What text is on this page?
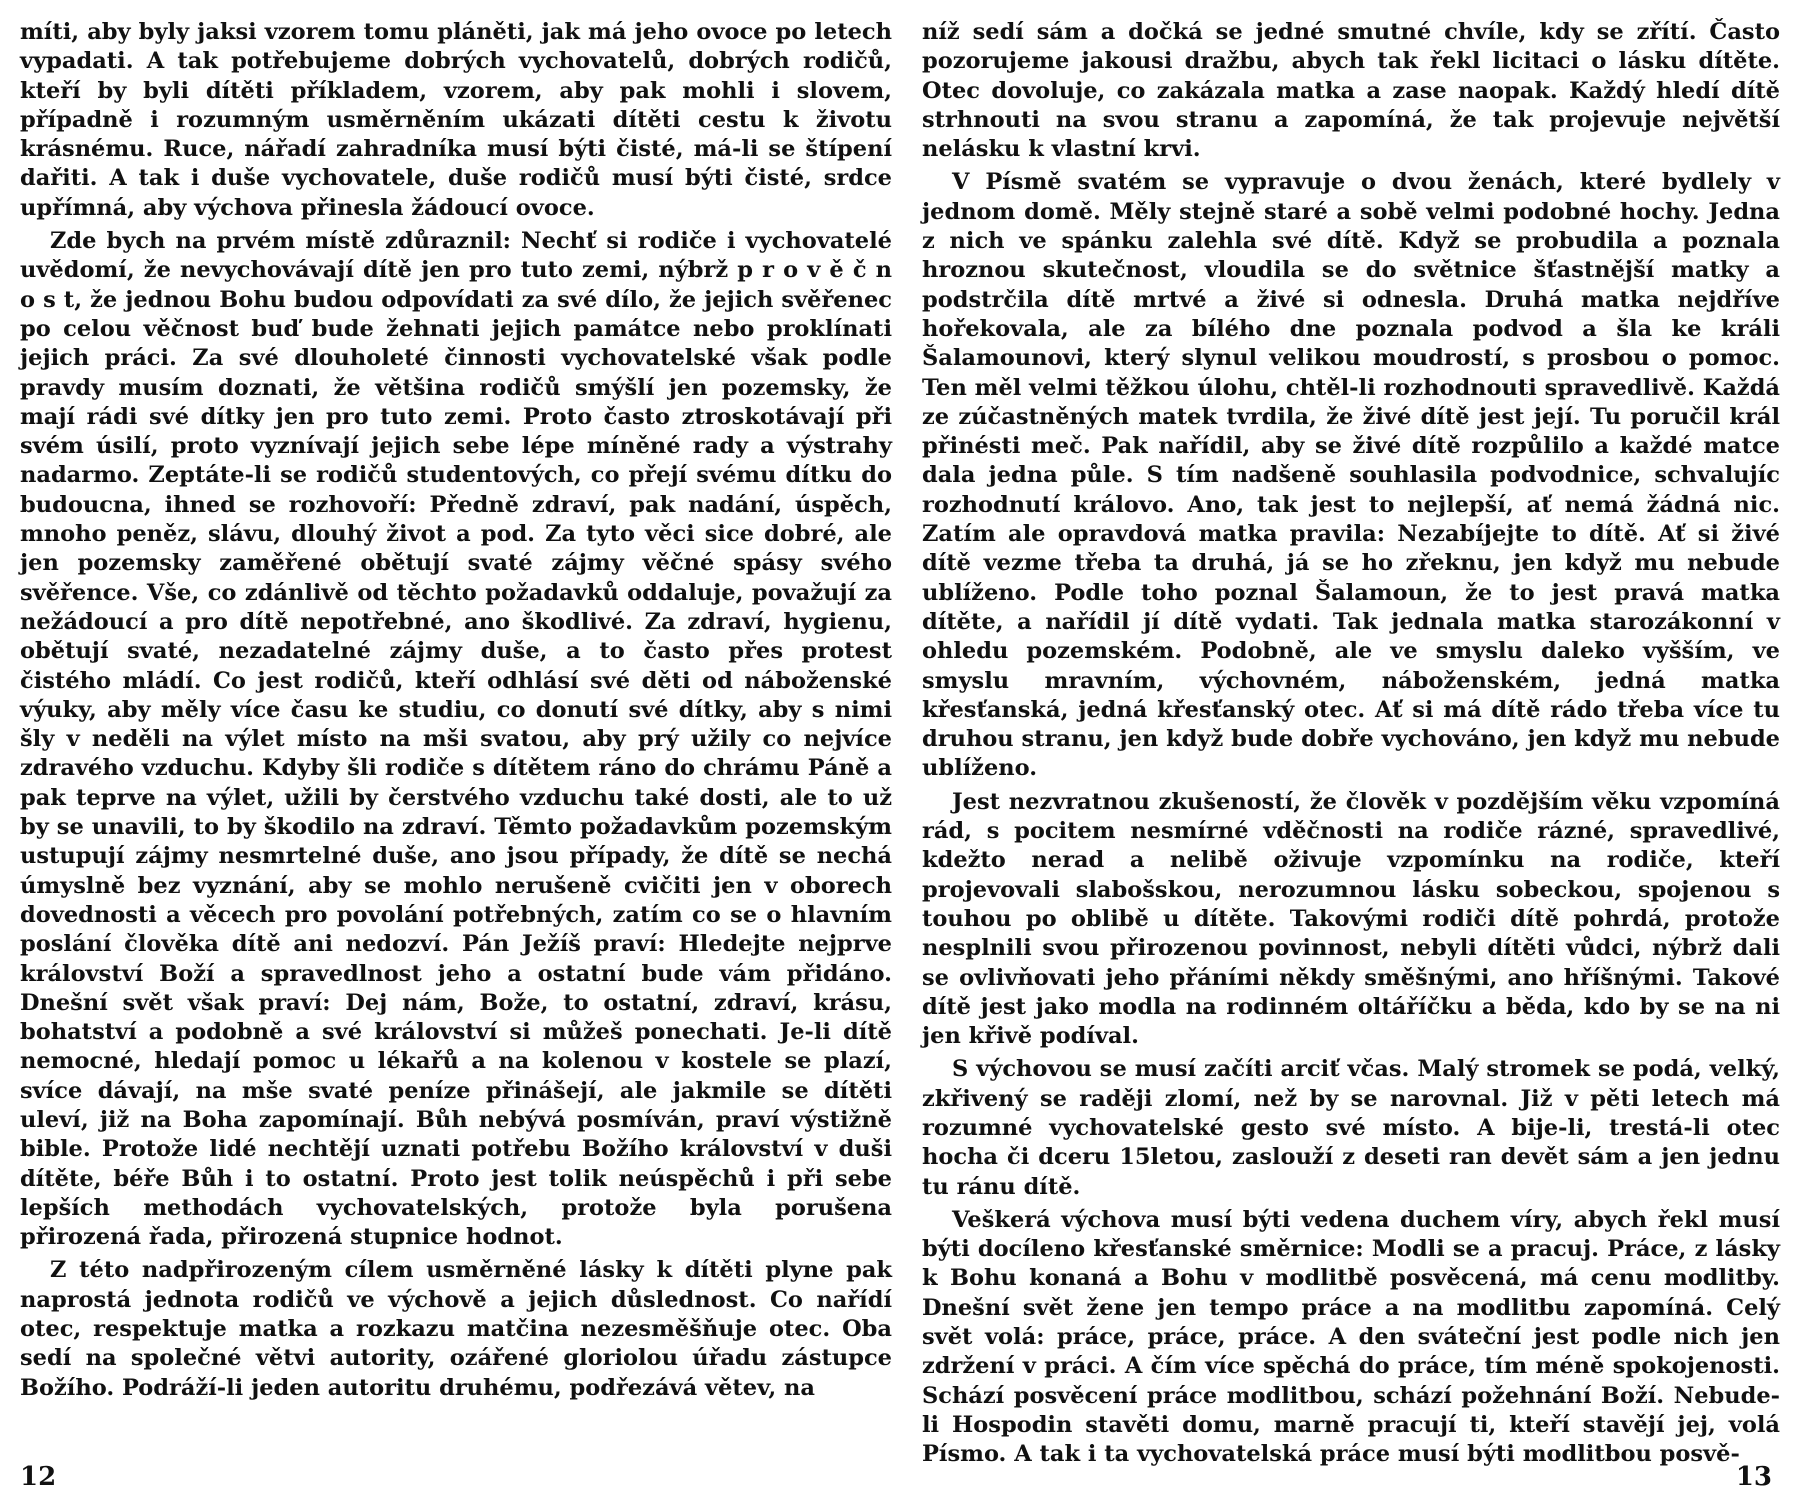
míti, aby byly jaksi vzorem tomu pláněti, jak má jeho ovoce po letech vypadati. A tak potřebujeme dobrých vychovatelů, dobrých rodičů, kteří by byli dítěti příkladem, vzorem, aby pak mohli i slovem, případně i rozumným usměrněním ukázati dítěti cestu k životu krásnému. Ruce, nářadí zahradníka musí býti čisté, má-li se štípení dařiti. A tak i duše vychovatele, duše rodičů musí býti čisté, srdce upřímná, aby výchova přinesla žádoucí ovoce.

Zde bych na prvém místě zdůraznil: Nechť si rodiče i vychovatelé uvědomí, že nevychovávají dítě jen pro tuto zemi, nýbrž p r o v ě č n o s t, že jednou Bohu budou odpovídati za své dílo, že jejich svěřenec po celou věčnost buď bude žehnati jejich památce nebo proklínati jejich práci. Za své dlouholeté činnosti vychovatelské však podle pravdy musím doznati, že většina rodičů smýšlí jen pozemsky, že mají rádi své dítky jen pro tuto zemi. Proto často ztroskotávají při svém úsilí, proto vyznívají jejich sebe lépe míněné rady a výstrahy nadarmo. Zeptáte-li se rodičů studentových, co přejí svému dítku do budoucna, ihned se rozhovoří: Předně zdraví, pak nadání, úspěch, mnoho peněz, slávu, dlouhý život a pod. Za tyto věci sice dobré, ale jen pozemsky zaměřené obětují svaté zájmy věčné spásy svého svěřence. Vše, co zdánlivě od těchto požadavků oddaluje, považují za nežádoucí a pro dítě nepotřebné, ano škodlivé. Za zdraví, hygienu, obětují svaté, nezadatelné zájmy duše, a to často přes protest čistého mládí. Co jest rodičů, kteří odhlásí své děti od náboženské výuky, aby měly více času ke studiu, co donutí své dítky, aby s nimi šly v neděli na výlet místo na mši svatou, aby prý užily co nejvíce zdravého vzduchu. Kdyby šli rodiče s dítětem ráno do chrámu Páně a pak teprve na výlet, užili by čerstvého vzduchu také dosti, ale to už by se unavili, to by škodilo na zdraví. Těmto požadavkům pozemským ustupují zájmy nesmrtelné duše, ano jsou případy, že dítě se nechá úmyslně bez vyznání, aby se mohlo nerušeně cvičiti jen v oborech dovednosti a věcech pro povolání potřebných, zatím co se o hlavním poslání člověka dítě ani nedozví. Pán Ježíš praví: Hledejte nejprve království Boží a spravedlnost jeho a ostatní bude vám přidáno. Dnešní svět však praví: Dej nám, Bože, to ostatní, zdraví, krásu, bohatství a podobně a své království si můžeš ponechati. Je-li dítě nemocné, hledají pomoc u lékařů a na kolenou v kostele se plazí, svíce dávají, na mše svaté peníze přinášejí, ale jakmile se dítěti uleví, již na Boha zapomínají. Bůh nebývá posmíván, praví výstižně bible. Protože lidé nechtějí uznati potřebu Božího království v duši dítěte, béře Bůh i to ostatní. Proto jest tolik neúspěchů i při sebe lepších methodách vychovatelských, protože byla porušena přirozená řada, přirozená stupnice hodnot.

Z této nadpřirozeným cílem usměrněné lásky k dítěti plyne pak naprostá jednota rodičů ve výchově a jejich důslednost. Co nařídí otec, respektuje matka a rozkazu matčina nezesměšňuje otec. Oba sedí na společné větvi autority, ozářené gloriolou úřadu zástupce Božího. Podráží-li jeden autoritu druhému, podřezává větev, na

níž sedí sám a dočká se jedné smutné chvíle, kdy se zřítí. Často pozorujeme jakousi dražbu, abych tak řekl licitaci o lásku dítěte. Otec dovoluje, co zakázala matka a zase naopak. Každý hledí dítě strhnouti na svou stranu a zapomíná, že tak projevuje největší nelásku k vlastní krvi.

V Písmě svatém se vypravuje o dvou ženách, které bydlely v jednom domě. Měly stejně staré a sobě velmi podobné hochy. Jedna z nich ve spánku zalehla své dítě. Když se probudila a poznala hroznou skutečnost, vloudila se do světnice šťastnější matky a podstrčila dítě mrtvé a živé si odnesla. Druhá matka nejdříve hořekovala, ale za bílého dne poznala podvod a šla ke králi Šalamounovi, který slynul velikou moudrostí, s prosbou o pomoc. Ten měl velmi těžkou úlohu, chtěl-li rozhodnouti spravedlivě. Každá ze zúčastněných matek tvrdila, že živé dítě jest její. Tu poručil král přinésti meč. Pak nařídil, aby se živé dítě rozpůlilo a každé matce dala jedna půle. S tím nadšeně souhlasila podvodnice, schvalujíc rozhodnutí královo. Ano, tak jest to nejlepší, ať nemá žádná nic. Zatím ale opravdová matka pravila: Nezabíjejte to dítě. Ať si živé dítě vezme třeba ta druhá, já se ho zřeknu, jen když mu nebude ublíženo. Podle toho poznal Šalamoun, že to jest pravá matka dítěte, a nařídil jí dítě vydati. Tak jednala matka starozákonní v ohledu pozemském. Podobně, ale ve smyslu daleko vyšším, ve smyslu mravním, výchovném, náboženském, jedná matka křesťanská, jedná křesťanský otec. Ať si má dítě rádo třeba více tu druhou stranu, jen když bude dobře vychováno, jen když mu nebude ublíženo.

Jest nezvratnou zkušeností, že člověk v pozdějším věku vzpomíná rád, s pocitem nesmírné vděčnosti na rodiče rázné, spravedlivé, kdežto nerad a nelibě oživuje vzpomínku na rodiče, kteří projevovali slabošskou, nerozumnou lásku sobeckou, spojenou s touhou po oblibě u dítěte. Takovými rodiči dítě pohrdá, protože nesplnili svou přirozenou povinnost, nebyli dítěti vůdci, nýbrž dali se ovlivňovati jeho přáními někdy směšnými, ano hříšnými. Takové dítě jest jako modla na rodinném oltáříčku a běda, kdo by se na ni jen křivě podíval.

S výchovou se musí začíti arciť včas. Malý stromek se podá, velký, zkřivený se raději zlomí, než by se narovnal. Již v pěti letech má rozumné vychovatelské gesto své místo. A bije-li, trestá-li otec hocha či dceru 15letou, zaslouží z deseti ran devět sám a jen jednu tu ránu dítě.

Veškerá výchova musí býti vedena duchem víry, abych řekl musí býti docíleno křesťanské směrnice: Modli se a pracuj. Práce, z lásky k Bohu konaná a Bohu v modlitbě posvěcená, má cenu modlitby. Dnešní svět žene jen tempo práce a na modlitbu zapomíná. Celý svět volá: práce, práce, práce. A den sváteční jest podle nich jen zdržení v práci. A čím více spěchá do práce, tím méně spokojenosti. Schází posvěcení práce modlitbou, schází požehnání Boží. Nebude-li Hospodin stavěti domu, marně pracují ti, kteří stavějí jej, volá Písmo. A tak i ta vychovatelská práce musí býti modlitbou posvě-

12	13
